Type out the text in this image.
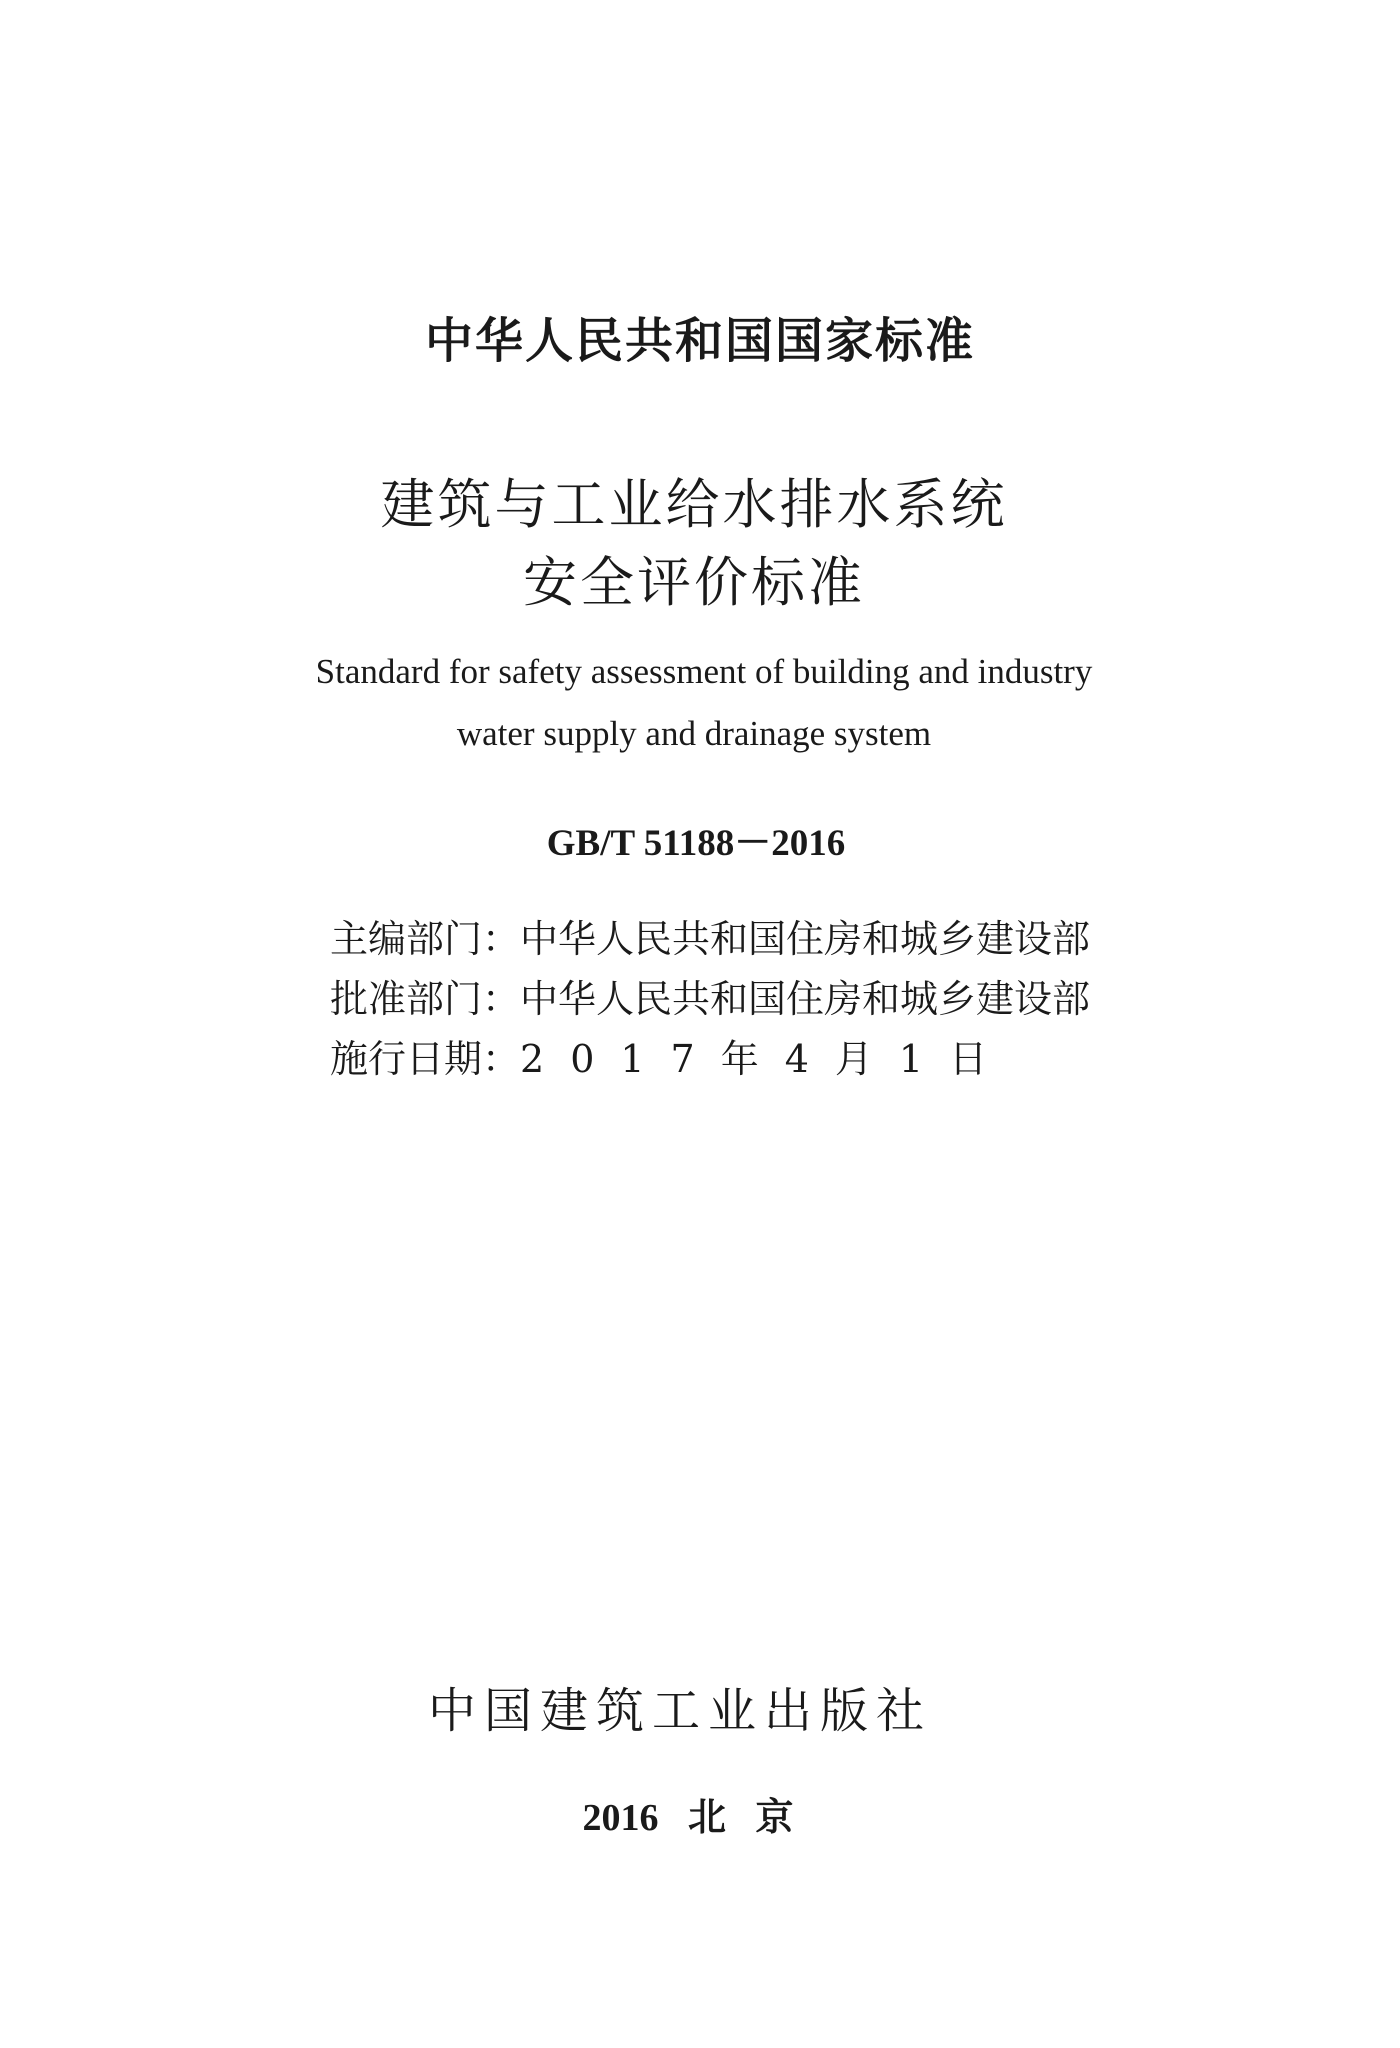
中华人民共和国国家标准
建筑与工业给水排水系统
安全评价标准
Standard for safety assessment of building and industry
water supply and drainage system
GB/T 51188－2016
主编部门：中华人民共和国住房和城乡建设部
批准部门：中华人民共和国住房和城乡建设部
施行日期：2017年4月1日
中国建筑工业出版社
2016 北 京
